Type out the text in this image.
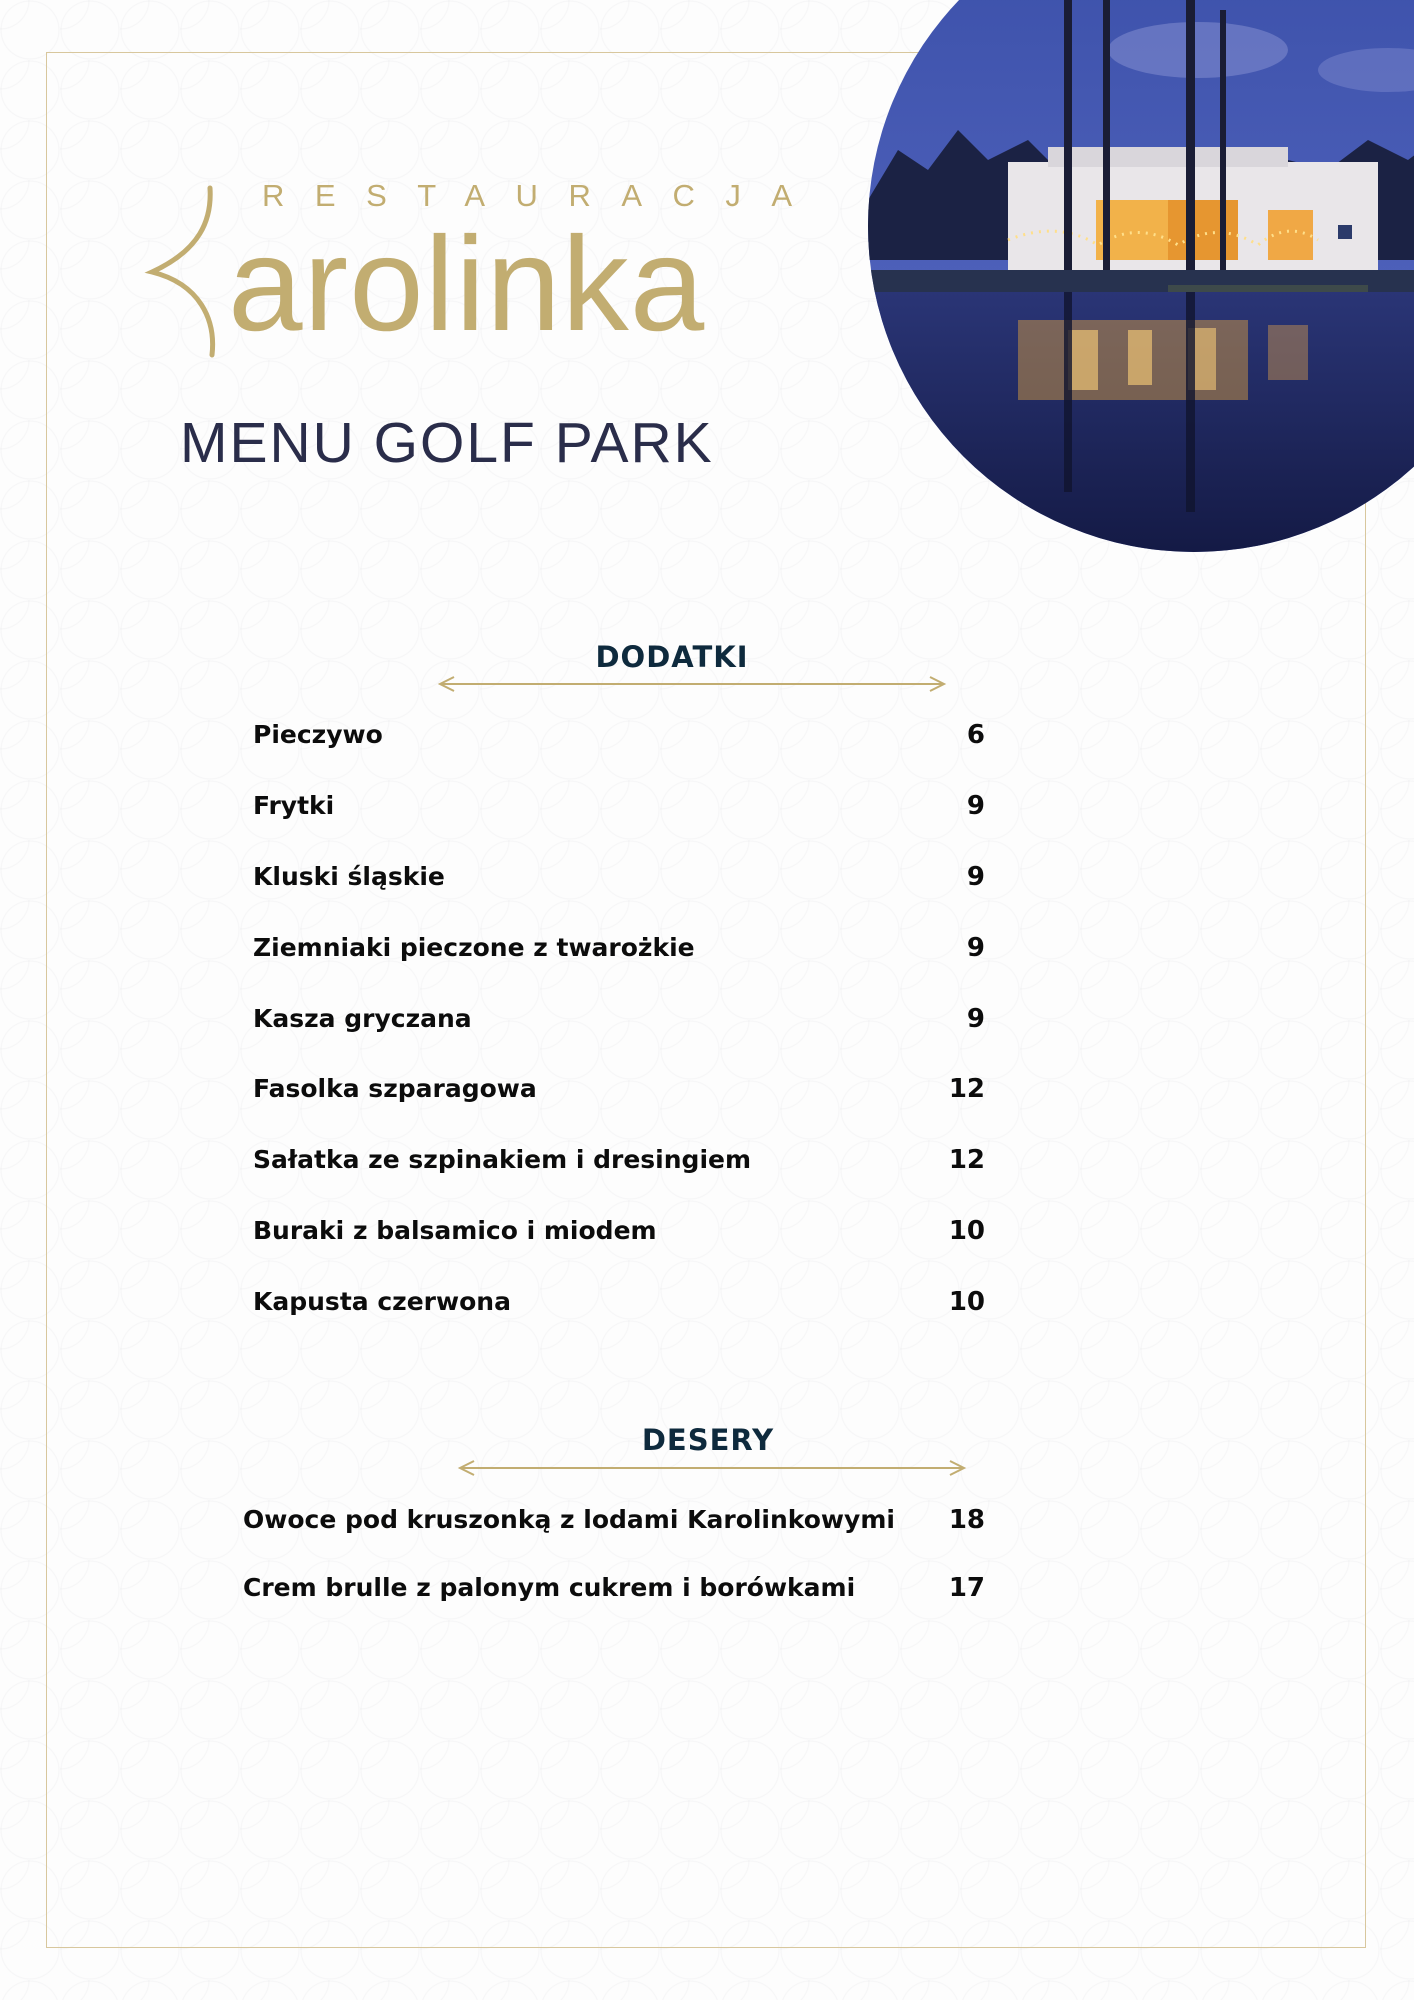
RESTAURACJA
arolinka
MENU GOLF PARK
DODATKI
Pieczywo	6
Frytki	9
Kluski śląskie	9
Ziemniaki pieczone z twarożkie	9
Kasza gryczana	9
Fasolka szparagowa	12
Sałatka ze szpinakiem i dresingiem	12
Buraki z balsamico i miodem	10
Kapusta czerwona	10
DESERY
Owoce pod kruszonką z lodami Karolinkowymi 18
Crem brulle z palonym cukrem i borówkami	17
